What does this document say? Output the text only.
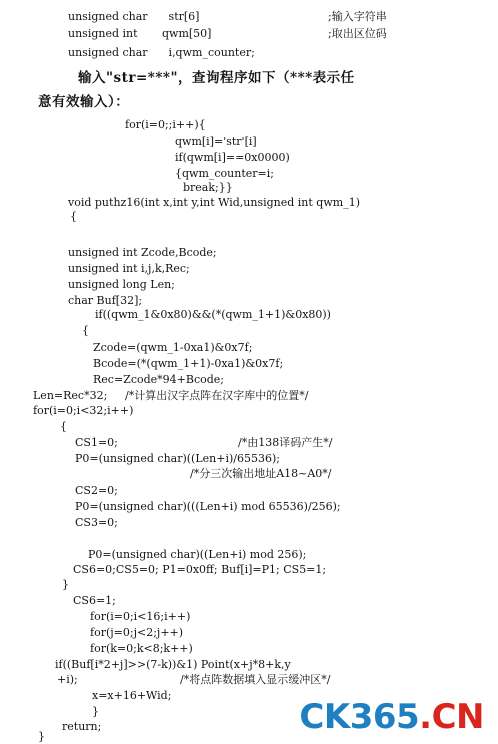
unsigned char      str[6]	;输入字符串
unsigned int       qwm[50]	;取出区位码
unsigned char      i,qwm_counter;
输入"str=***"，查询程序如下（***表示任
意有效输入）：
for(i=0;;i++){
qwm[i]='str'[i]
if(qwm[i]==0x0000)
{qwm_counter=i;
break;}}
void puthz16(int x,int y,int Wid,unsigned int qwm_1)
{
unsigned int Zcode,Bcode;
unsigned int i,j,k,Rec;
unsigned long Len;
char Buf[32];
if((qwm_1&0x80)&&(*(qwm_1+1)&0x80))
{
Zcode=(qwm_1-0xa1)&0x7f;
Bcode=(*(qwm_1+1)-0xa1)&0x7f;
Rec=Zcode*94+Bcode;
Len=Rec*32; /*计算出汉字点阵在汉字库中的位置*/
for(i=0;i<32;i++)
{
CS1=0;	/*由138译码产生*/
P0=(unsigned char)((Len+i)/65536);
/*分三次输出地址A18~A0*/
CS2=0;
P0=(unsigned char)(((Len+i) mod 65536)/256);
CS3=0;
P0=(unsigned char)((Len+i) mod 256);
CS6=0;CS5=0; P1=0x0ff; Buf[i]=P1; CS5=1;
}
CS6=1;
for(i=0;i<16;i++)
for(j=0;j<2;j++)
for(k=0;k<8;k++)
if((Buf[i*2+j]>>(7-k))&1) Point(x+j*8+k,y
+i);	/*将点阵数据填入显示缓冲区*/
x=x+16+Wid;
}
return;
}	CK365.CN
